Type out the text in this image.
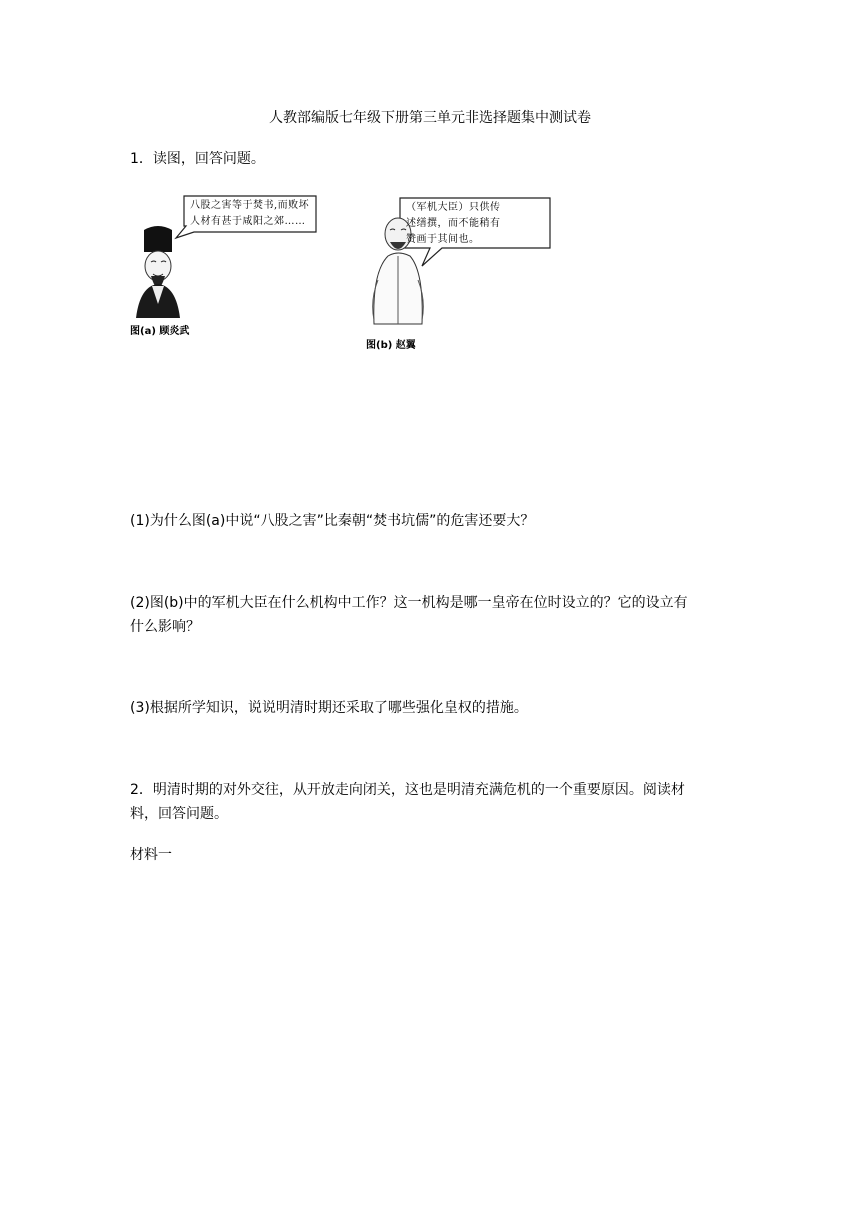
人教部编版七年级下册第三单元非选择题集中测试卷
1．读图，回答问题。
八股之害等于焚书,而败坏
人材有甚于咸阳之郊……
图(a) 顾炎武
（军机大臣）只供传
述缮撰，而不能稍有
赞画于其间也。
图(b) 赵翼
(1)为什么图(a)中说“八股之害”比秦朝“焚书坑儒”的危害还要大？
(2)图(b)中的军机大臣在什么机构中工作？这一机构是哪一皇帝在位时设立的？它的设立有
什么影响？
(3)根据所学知识，说说明清时期还采取了哪些强化皇权的措施。
2．明清时期的对外交往，从开放走向闭关，这也是明清充满危机的一个重要原因。阅读材
料，回答问题。
材料一
